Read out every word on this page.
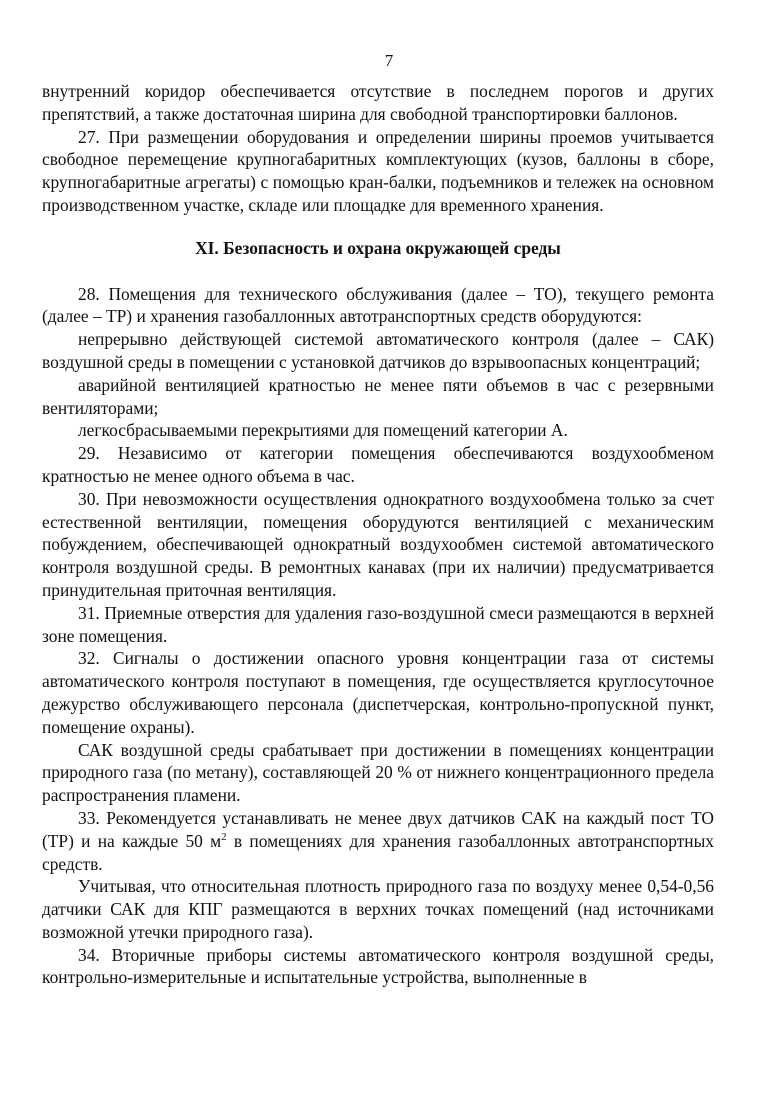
7

внутренний коридор обеспечивается отсутствие в последнем порогов и других препятствий, а также достаточная ширина для свободной транспортировки баллонов.

27. При размещении оборудования и определении ширины проемов учитывается свободное перемещение крупногабаритных комплектующих (кузов, баллоны в сборе, крупногабаритные агрегаты) с помощью кран-балки, подъемников и тележек на основном производственном участке, складе или площадке для временного хранения.

XI. Безопасность и охрана окружающей среды

28. Помещения для технического обслуживания (далее – ТО), текущего ремонта (далее – ТР) и хранения газобаллонных автотранспортных средств оборудуются:

непрерывно действующей системой автоматического контроля (далее – САК) воздушной среды в помещении с установкой датчиков до взрывоопасных концентраций;

аварийной вентиляцией кратностью не менее пяти объемов в час с резервными вентиляторами;

легкосбрасываемыми перекрытиями для помещений категории А.

29. Независимо от категории помещения обеспечиваются воздухообменом кратностью не менее одного объема в час.

30. При невозможности осуществления однократного воздухообмена только за счет естественной вентиляции, помещения оборудуются вентиляцией с механическим побуждением, обеспечивающей однократный воздухообмен системой автоматического контроля воздушной среды. В ремонтных канавах (при их наличии) предусматривается принудительная приточная вентиляция.

31. Приемные отверстия для удаления газо-воздушной смеси размещаются в верхней зоне помещения.

32. Сигналы о достижении опасного уровня концентрации газа от системы автоматического контроля поступают в помещения, где осуществляется круглосуточное дежурство обслуживающего персонала (диспетчерская, контрольно-пропускной пункт, помещение охраны).

САК воздушной среды срабатывает при достижении в помещениях концентрации природного газа (по метану), составляющей 20 % от нижнего концентрационного предела распространения пламени.

33. Рекомендуется устанавливать не менее двух датчиков САК на каждый пост ТО (ТР) и на каждые 50 $м^2$ в помещениях для хранения газобаллонных автотранспортных средств.

Учитывая, что относительная плотность природного газа по воздуху менее 0,54-0,56 датчики САК для КПГ размещаются в верхних точках помещений (над источниками возможной утечки природного газа).

34. Вторичные приборы системы автоматического контроля воздушной среды, контрольно-измерительные и испытательные устройства, выполненные в
